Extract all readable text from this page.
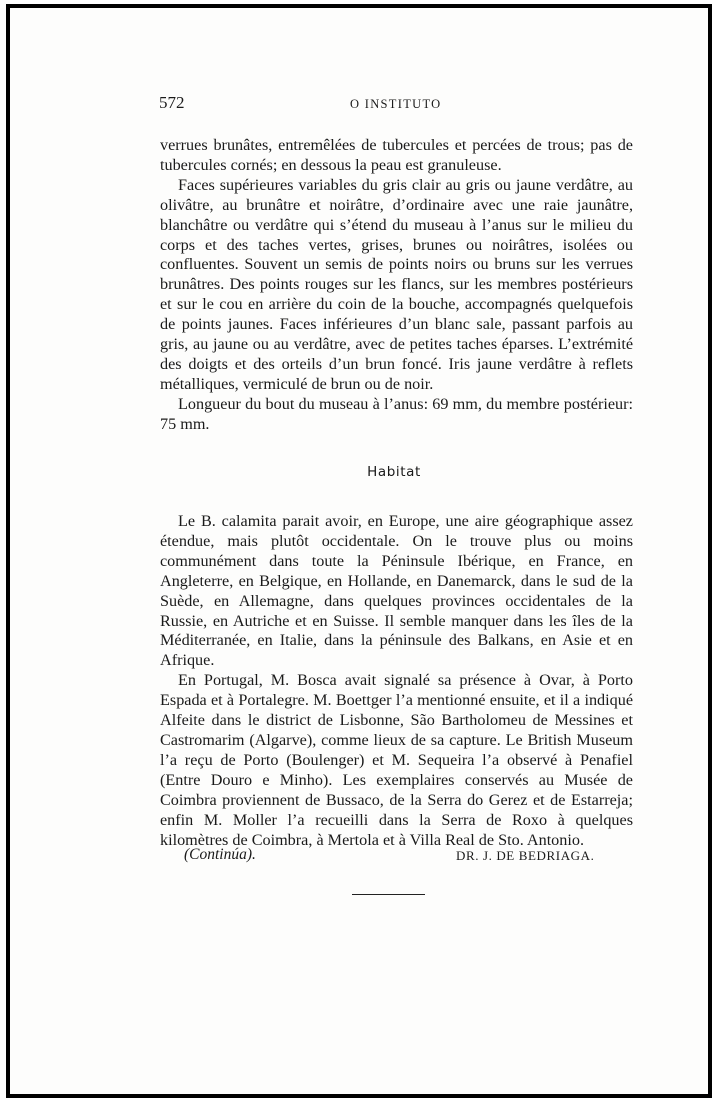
572	O INSTITUTO

verrues brunâtes, entremêlées de tubercules et percées de trous; pas de tubercules cornés; en dessous la peau est granuleuse.

Faces supérieures variables du gris clair au gris ou jaune verdâtre, au olivâtre, au brunâtre et noirâtre, d’ordinaire avec une raie jaunâtre, blanchâtre ou verdâtre qui s’étend du museau à l’anus sur le milieu du corps et des taches vertes, grises, brunes ou noirâtres, isolées ou confluentes. Souvent un semis de points noirs ou bruns sur les verrues brunâtres. Des points rouges sur les flancs, sur les membres postérieurs et sur le cou en arrière du coin de la bouche, accompagnés quelquefois de points jaunes. Faces inférieures d’un blanc sale, passant parfois au gris, au jaune ou au verdâtre, avec de petites taches éparses. L’extrémité des doigts et des orteils d’un brun foncé. Iris jaune verdâtre à reflets métalliques, vermiculé de brun ou de noir.

Longueur du bout du museau à l’anus: 69 mm, du membre postérieur: 75 mm.

Habitat

Le B. calamita parait avoir, en Europe, une aire géographique assez étendue, mais plutôt occidentale. On le trouve plus ou moins communément dans toute la Péninsule Ibérique, en France, en Angleterre, en Belgique, en Hollande, en Danemarck, dans le sud de la Suède, en Allemagne, dans quelques provinces occidentales de la Russie, en Autriche et en Suisse. Il semble manquer dans les îles de la Méditerranée, en Italie, dans la péninsule des Balkans, en Asie et en Afrique.

En Portugal, M. Bosca avait signalé sa présence à Ovar, à Porto Espada et à Portalegre. M. Boettger l’a mentionné ensuite, et il a indiqué Alfeite dans le district de Lisbonne, São Bartholomeu de Messines et Castromarim (Algarve), comme lieux de sa capture. Le British Museum l’a reçu de Porto (Boulenger) et M. Sequeira l’a observé à Penafiel (Entre Douro e Minho). Les exemplaires conservés au Musée de Coimbra proviennent de Bussaco, de la Serra do Gerez et de Estarreja; enfin M. Moller l’a recueilli dans la Serra de Roxo à quelques kilomètres de Coimbra, à Mertola et à Villa Real de Sto. Antonio.

(Continúa).	DR. J. DE BEDRIAGA.
